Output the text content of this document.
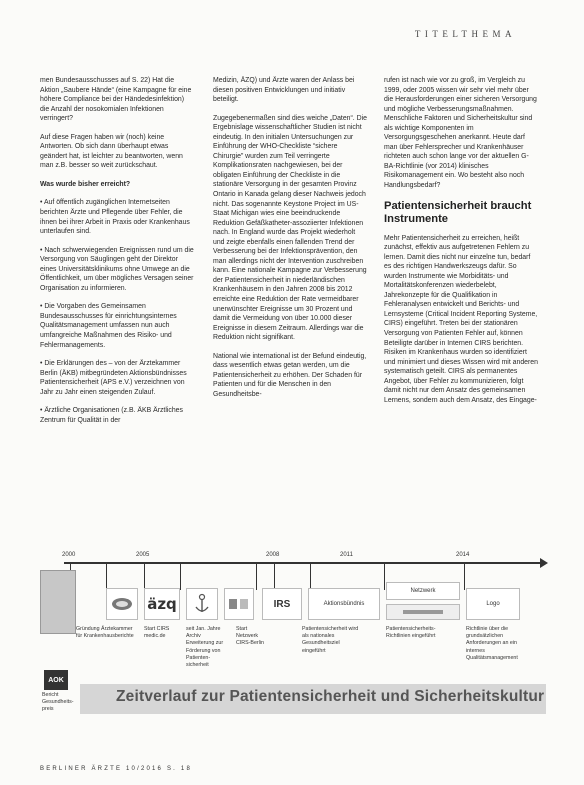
TITELTHEMA

men Bundesausschusses auf S. 22) Hat die Aktion „Saubere Hände“ (eine Kampagne für eine höhere Compliance bei der Händedesinfektion) die Anzahl der nosokomialen Infektionen verringert?

Auf diese Fragen haben wir (noch) keine Antworten. Ob sich dann überhaupt etwas geändert hat, ist leichter zu beantworten, wenn man z.B. besser so weit zurückschaut.

Was wurde bisher erreicht?

• Auf öffentlich zugänglichen Internetseiten berichten Ärzte und Pflegende über Fehler, die ihnen bei ihrer Arbeit in Praxis oder Krankenhaus unterlaufen sind.

• Nach schwerwiegenden Ereignissen rund um die Versorgung von Säuglingen geht der Direktor eines Universitätsklinikums ohne Umwege an die Öffentlichkeit, um über mögliches Versagen seiner Organisation zu informieren.

• Die Vorgaben des Gemeinsamen Bundesausschusses für einrichtungsinternes Qualitätsmanagement umfassen nun auch umfangreiche Maßnahmen des Risiko- und Fehlermanagements.

• Die Erklärungen des – von der Ärztekammer Berlin (ÄKB) mitbegründeten Aktionsbündnisses Patientensicherheit (APS e.V.) verzeichnen von Jahr zu Jahr einen steigenden Zulauf.

• Ärztliche Organisationen (z.B. ÄKB Ärztliches Zentrum für Qualität in der

Medizin, ÄZQ) und Ärzte waren der Anlass bei diesen positiven Entwicklungen und initiativ beteiligt.

Zugegebenermaßen sind dies weiche „Daten“. Die Ergebnislage wissenschaftlicher Studien ist nicht eindeutig. In den initialen Untersuchungen zur Einführung der WHO-Checkliste “sichere Chirurgie” wurden zum Teil verringerte Komplikationsraten nachgewiesen, bei der obligaten Einführung der Checkliste in die stationäre Versorgung in der gesamten Provinz Ontario in Kanada gelang dieser Nachweis jedoch nicht. Das sogenannte Keystone Project im US-Staat Michigan wies eine beeindruckende Reduktion Gefäßkatheter-assoziierter Infektionen nach. In England wurde das Projekt wiederholt und zeigte ebenfalls einen fallenden Trend der Verbesserung bei der Infektionsprävention, den man allerdings nicht der Intervention zuschreiben kann. Eine nationale Kampagne zur Verbesserung der Patientensicherheit in niederländischen Krankenhäusern in den Jahren 2008 bis 2012 erreichte eine Reduktion der Rate vermeidbarer unerwünschter Ereignisse um 30 Prozent und damit die Vermeidung von über 10.000 dieser Ereignisse in diesem Zeitraum. Allerdings war die Reduktion nicht signifikant.

National wie international ist der Befund eindeutig, dass wesentlich etwas getan werden, um die Patientensicherheit zu erhöhen. Der Schaden für Patienten und für die Menschen in den Gesundheitsbe-

rufen ist nach wie vor zu groß, im Vergleich zu 1999, oder 2005 wissen wir sehr viel mehr über die Herausforderungen einer sicheren Versorgung und mögliche Verbesserungsmaßnahmen. Menschliche Faktoren und Sicherheitskultur sind als wichtige Komponenten im Versorgungsgeschehen anerkannt. Heute darf man über Fehlersprecher und Krankenhäuser richteten auch schon lange vor der aktuellen G-BA-Richtlinie (vor 2014) klinisches Risikomanagement ein. Wo besteht also noch Handlungsbedarf?

Patientensicherheit braucht Instrumente

Mehr Patientensicherheit zu erreichen, heißt zunächst, effektiv aus aufgetretenen Fehlern zu lernen. Damit dies nicht nur einzelne tun, bedarf es des richtigen Handwerkszeugs dafür. So wurden Instrumente wie Morbiditäts- und Mortalitätskonferenzen wiederbelebt, Jahrekonzepte für die Qualifikation in Fehleranalysen entwickelt und Berichts- und Lernsysteme (Critical Incident Reporting Systeme, CIRS) eingeführt. Treten bei der stationären Versorgung von Patienten Fehler auf, können Beteiligte darüber in Internen CIRS berichten. Risiken im Krankenhaus wurden so identifiziert und minimiert und dieses Wissen wird mit anderen systematisch geteilt. CIRS als permanentes Angebot, über Fehler zu kommunizieren, folgt damit nicht nur dem Ansatz des gemeinsamen Lernens, sondern auch dem Ansatz, des Eingage-

2000	2005	2008	2011	2014
äzq	IRS	Aktionsbündnis
Netzwerk
Logo
Gründung Ärztekammer für Krankenhausberichte
Start CIRS medic.de
seit Jan. Jahre Archiv Erweiterung zur Förderung von Patienten-sicherheit
Start Netzwerk CIRS-Berlin
Patientensicherheit wird als nationales Gesundheitsziel eingeführt
Patientensicherheits-Richtlinien eingeführt
Richtlinie über die grundsätzlichen Anforderungen an ein internes Qualitätsmanagement
AOK
Bericht Gesundheits-preis
Zeitverlauf zur Patientensicherheit und Sicherheitskultur
BERLINER ÄRZTE 10/2016 S. 18
